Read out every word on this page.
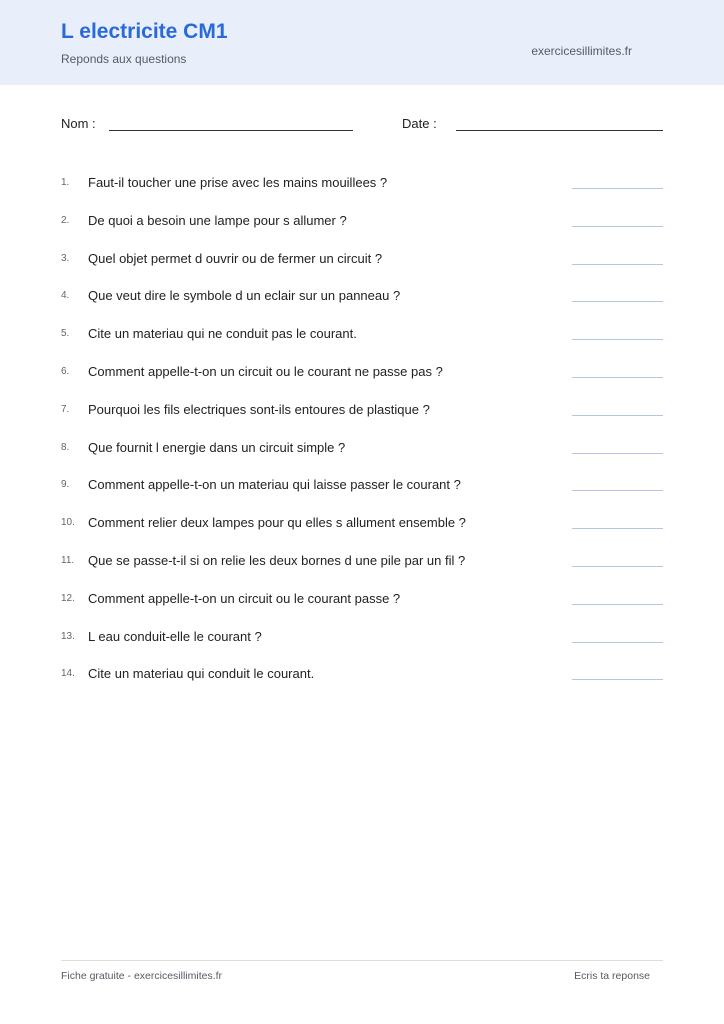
L electricite CM1
Reponds aux questions
exercicesillimites.fr
Nom :	Date :
1.	Faut-il toucher une prise avec les mains mouillees ?
2.	De quoi a besoin une lampe pour s allumer ?
3.	Quel objet permet d ouvrir ou de fermer un circuit ?
4.	Que veut dire le symbole d un eclair sur un panneau ?
5.	Cite un materiau qui ne conduit pas le courant.
6.	Comment appelle-t-on un circuit ou le courant ne passe pas ?
7.	Pourquoi les fils electriques sont-ils entoures de plastique ?
8.	Que fournit l energie dans un circuit simple ?
9.	Comment appelle-t-on un materiau qui laisse passer le courant ?
10.	Comment relier deux lampes pour qu elles s allument ensemble ?
11.	Que se passe-t-il si on relie les deux bornes d une pile par un fil ?
12.	Comment appelle-t-on un circuit ou le courant passe ?
13.	L eau conduit-elle le courant ?
14.	Cite un materiau qui conduit le courant.
Fiche gratuite - exercicesillimites.fr	Ecris ta reponse
